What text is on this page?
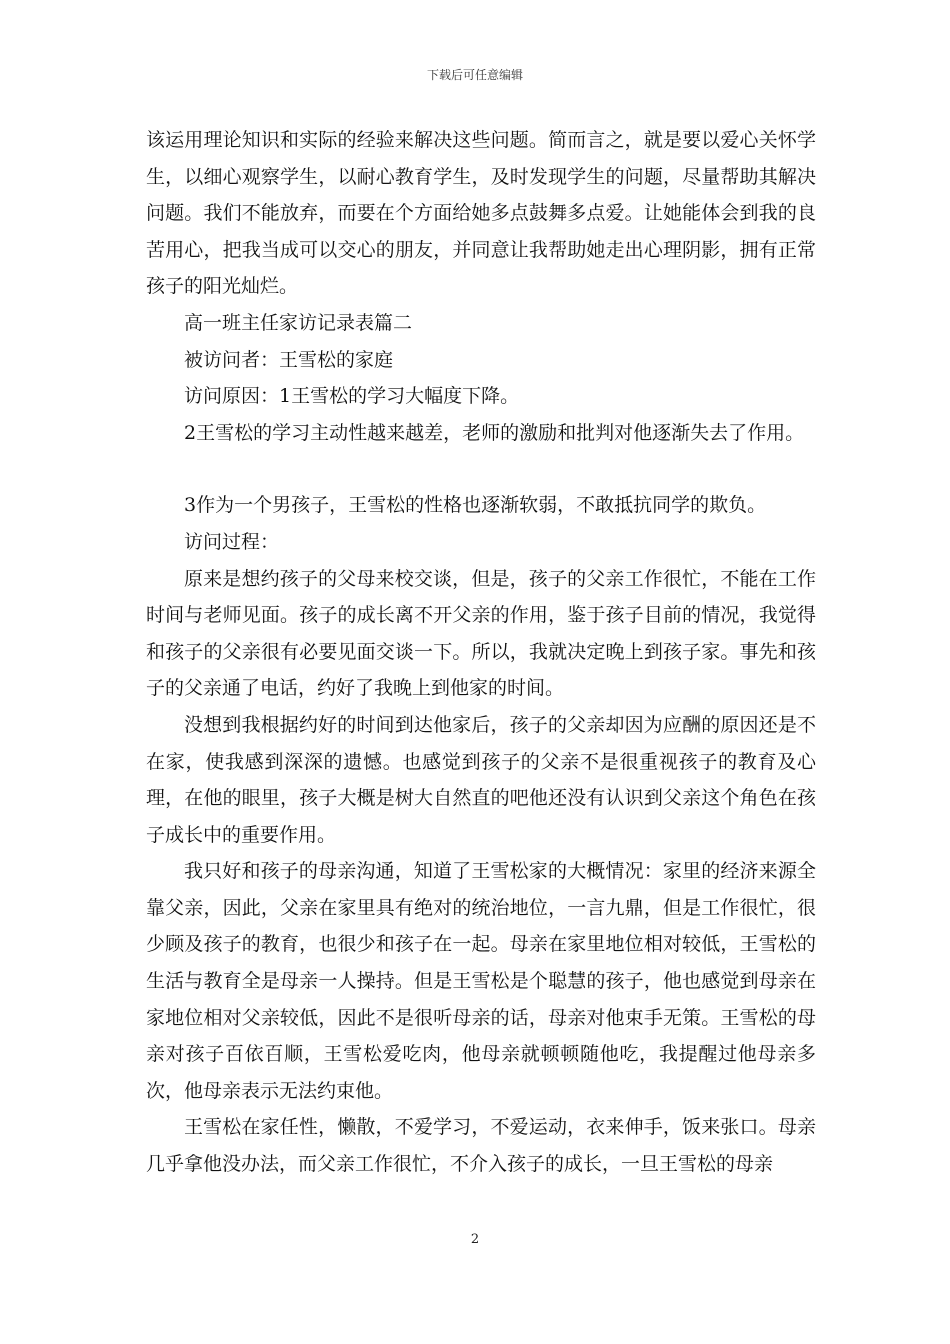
下载后可任意编辑

该运用理论知识和实际的经验来解决这些问题。简而言之，就是要以爱心关怀学生，以细心观察学生，以耐心教育学生，及时发现学生的问题，尽量帮助其解决问题。我们不能放弃，而要在个方面给她多点鼓舞多点爱。让她能体会到我的良苦用心，把我当成可以交心的朋友，并同意让我帮助她走出心理阴影，拥有正常孩子的阳光灿烂。

高一班主任家访记录表篇二

被访问者：王雪松的家庭

访问原因：1王雪松的学习大幅度下降。

2王雪松的学习主动性越来越差，老师的激励和批判对他逐渐失去了作用。

3作为一个男孩子，王雪松的性格也逐渐软弱，不敢抵抗同学的欺负。

访问过程：

原来是想约孩子的父母来校交谈，但是，孩子的父亲工作很忙，不能在工作时间与老师见面。孩子的成长离不开父亲的作用，鉴于孩子目前的情况，我觉得和孩子的父亲很有必要见面交谈一下。所以，我就决定晚上到孩子家。事先和孩子的父亲通了电话，约好了我晚上到他家的时间。

没想到我根据约好的时间到达他家后，孩子的父亲却因为应酬的原因还是不在家，使我感到深深的遗憾。也感觉到孩子的父亲不是很重视孩子的教育及心理，在他的眼里，孩子大概是树大自然直的吧他还没有认识到父亲这个角色在孩子成长中的重要作用。

我只好和孩子的母亲沟通，知道了王雪松家的大概情况：家里的经济来源全靠父亲，因此，父亲在家里具有绝对的统治地位，一言九鼎，但是工作很忙，很少顾及孩子的教育，也很少和孩子在一起。母亲在家里地位相对较低，王雪松的生活与教育全是母亲一人操持。但是王雪松是个聪慧的孩子，他也感觉到母亲在家地位相对父亲较低，因此不是很听母亲的话，母亲对他束手无策。王雪松的母亲对孩子百依百顺，王雪松爱吃肉，他母亲就顿顿随他吃，我提醒过他母亲多次，他母亲表示无法约束他。

王雪松在家任性，懒散，不爱学习，不爱运动，衣来伸手，饭来张口。母亲几乎拿他没办法，而父亲工作很忙，不介入孩子的成长，一旦王雪松的母亲

2
